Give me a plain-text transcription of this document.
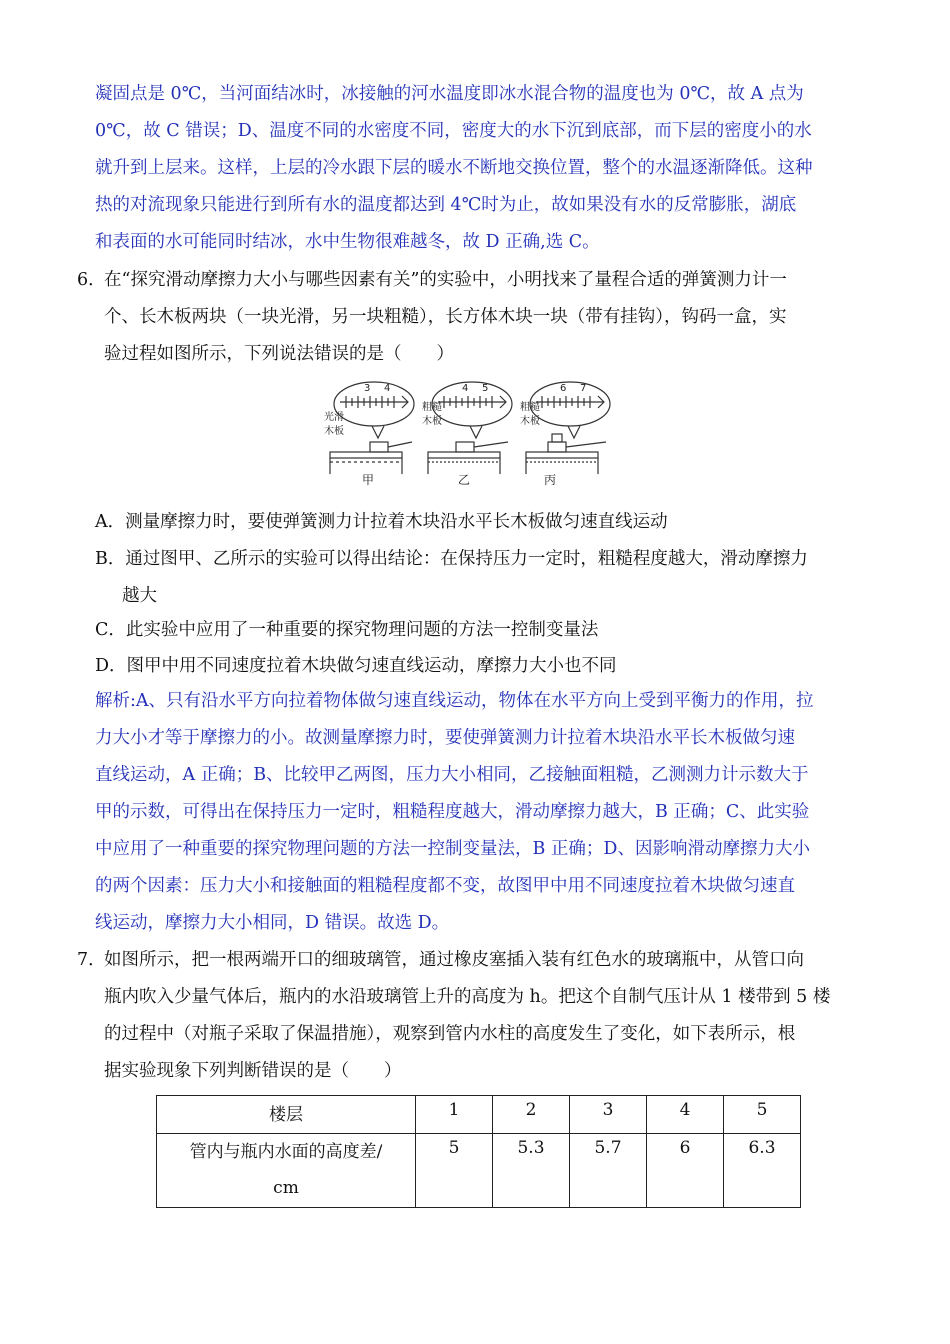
凝固点是 0℃，当河面结冰时，冰接触的河水温度即冰水混合物的温度也为 0℃，故 A 点为
0℃，故 C 错误；D、温度不同的水密度不同，密度大的水下沉到底部，而下层的密度小的水
就升到上层来。这样，上层的冷水跟下层的暖水不断地交换位置，整个的水温逐渐降低。这种
热的对流现象只能进行到所有水的温度都达到 4℃时为止，故如果没有水的反常膨胀，湖底
和表面的水可能同时结冰，水中生物很难越冬，故 D 正确,选 C。
6．
在“探究滑动摩擦力大小与哪些因素有关”的实验中，小明找来了量程合适的弹簧测力计一
个、长木板两块（一块光滑，另一块粗糙），长方体木块一块（带有挂钩），钩码一盒，实
验过程如图所示，下列说法错误的是（　　）
光滑
木板
粗糙
木板
粗糙
木板
3 4	4 5	6 7
甲	乙	丙
A．测量摩擦力时，要使弹簧测力计拉着木块沿水平长木板做匀速直线运动
B．通过图甲、乙所示的实验可以得出结论：在保持压力一定时，粗糙程度越大，滑动摩擦力
越大
C．此实验中应用了一种重要的探究物理问题的方法一控制变量法
D．图甲中用不同速度拉着木块做匀速直线运动，摩擦力大小也不同
解析:A、只有沿水平方向拉着物体做匀速直线运动，物体在水平方向上受到平衡力的作用，拉
力大小才等于摩擦力的小。故测量摩擦力时，要使弹簧测力计拉着木块沿水平长木板做匀速
直线运动，A 正确；B、比较甲乙两图，压力大小相同，乙接触面粗糙，乙测测力计示数大于
甲的示数，可得出在保持压力一定时，粗糙程度越大，滑动摩擦力越大，B 正确；C、此实验
中应用了一种重要的探究物理问题的方法一控制变量法，B 正确；D、因影响滑动摩擦力大小
的两个因素：压力大小和接触面的粗糙程度都不变，故图甲中用不同速度拉着木块做匀速直
线运动，摩擦力大小相同，D 错误。故选 D。
7．
如图所示，把一根两端开口的细玻璃管，通过橡皮塞插入装有红色水的玻璃瓶中，从管口向
瓶内吹入少量气体后，瓶内的水沿玻璃管上升的高度为 h。把这个自制气压计从 1 楼带到 5 楼
的过程中（对瓶子采取了保温措施），观察到管内水柱的高度发生了变化，如下表所示，根
据实验现象下列判断错误的是（　　）
楼层	1	2	3	4	5

管内与瓶内水面的高度差/
cm	5	5.3	5.7	6	6.3
